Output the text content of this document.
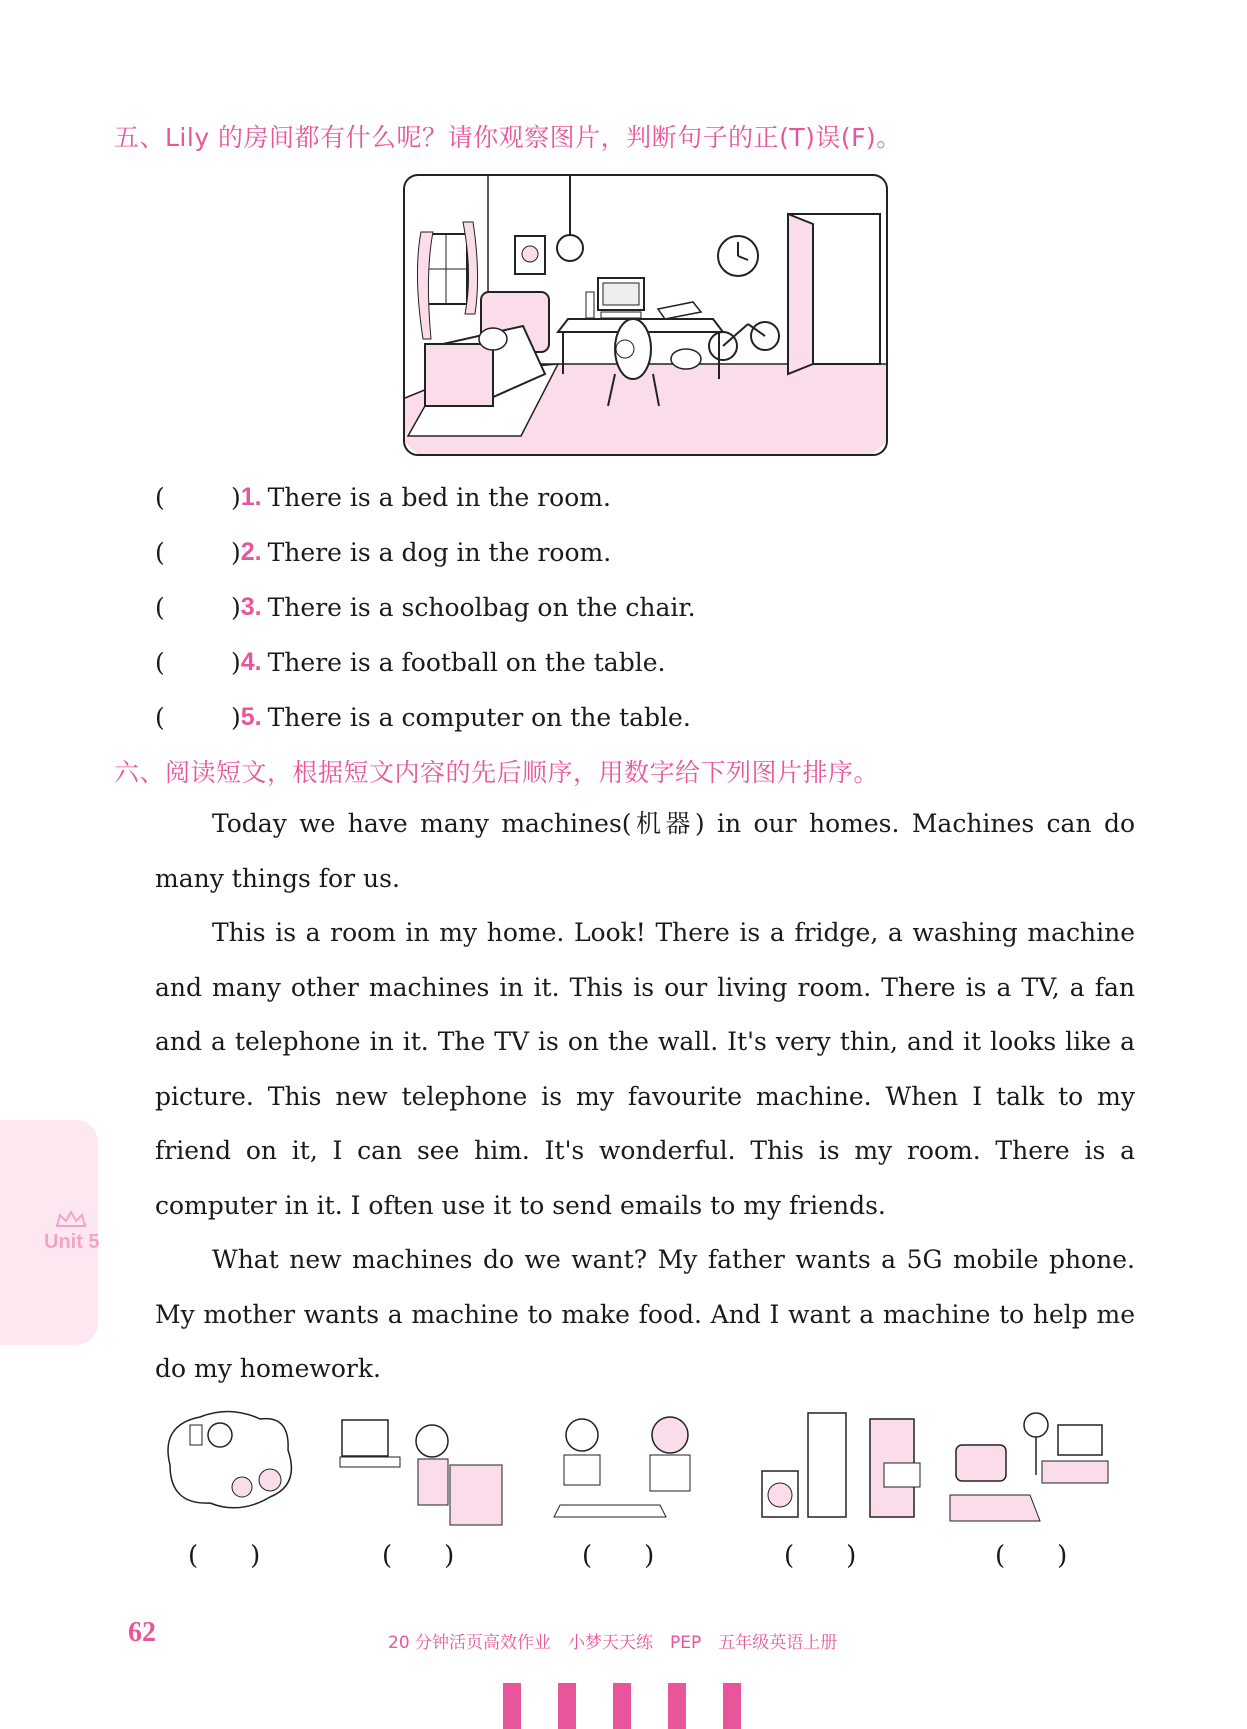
五、Lily 的房间都有什么呢？请你观察图片，判断句子的正(T)误(F)。
(	) 1. There is a bed in the room.
(	) 2. There is a dog in the room.
(	) 3. There is a schoolbag on the chair.
(	) 4. There is a football on the table.
(	) 5. There is a computer on the table.
六、阅读短文，根据短文内容的先后顺序，用数字给下列图片排序。

Today we have many machines(机器) in our homes. Machines can do many things for us.

This is a room in my home. Look! There is a fridge, a washing machine and many other machines in it. This is our living room. There is a TV, a fan and a telephone in it. The TV is on the wall. It's very thin, and it looks like a picture. This new telephone is my favourite machine. When I talk to my friend on it, I can see him. It's wonderful. This is my room. There is a computer in it. I often use it to send emails to my friends.

What new machines do we want? My father wants a 5G mobile phone. My mother wants a machine to make food. And I want a machine to help me do my homework.

(　　)	(　　)	(　　)	(　　)	(　　)
Unit 5
62	20 分钟活页高效作业　小梦天天练　PEP　五年级英语上册
